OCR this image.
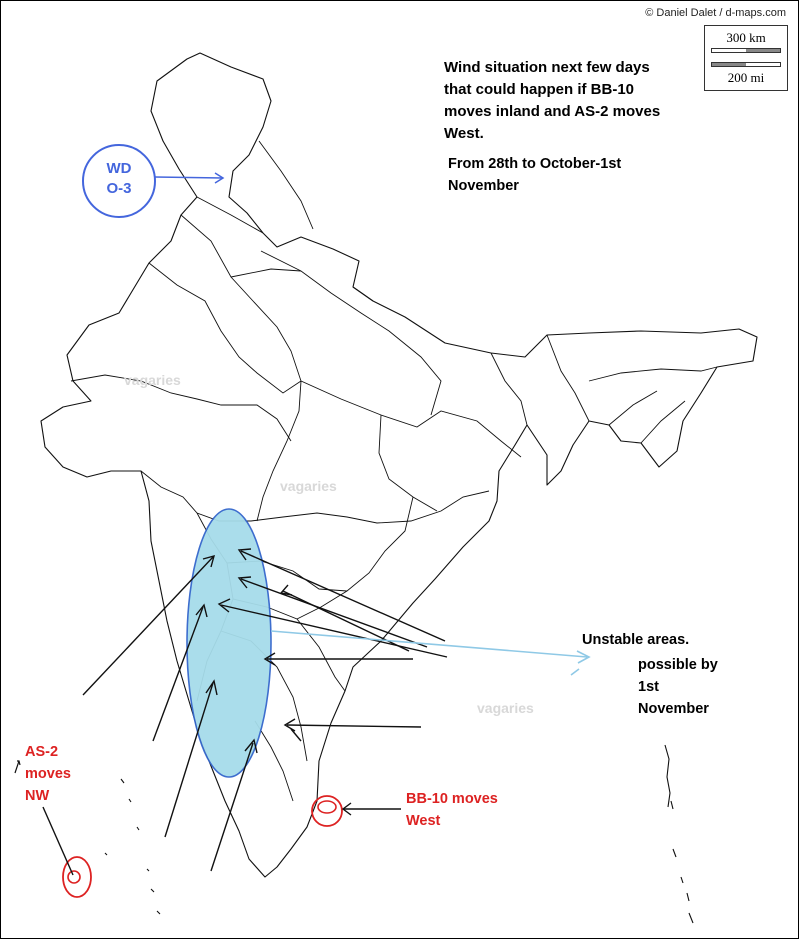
© Daniel Dalet / d-maps.com
300 km
200 mi
Wind situation next few days
that could happen if BB-10
moves inland and AS-2 moves
West.
From 28th to October-1st
November
WD
O-3
vagaries
vagaries
vagaries
Unstable areas.
possible by
1st
November
AS-2
moves
NW	BB-10 moves
West
